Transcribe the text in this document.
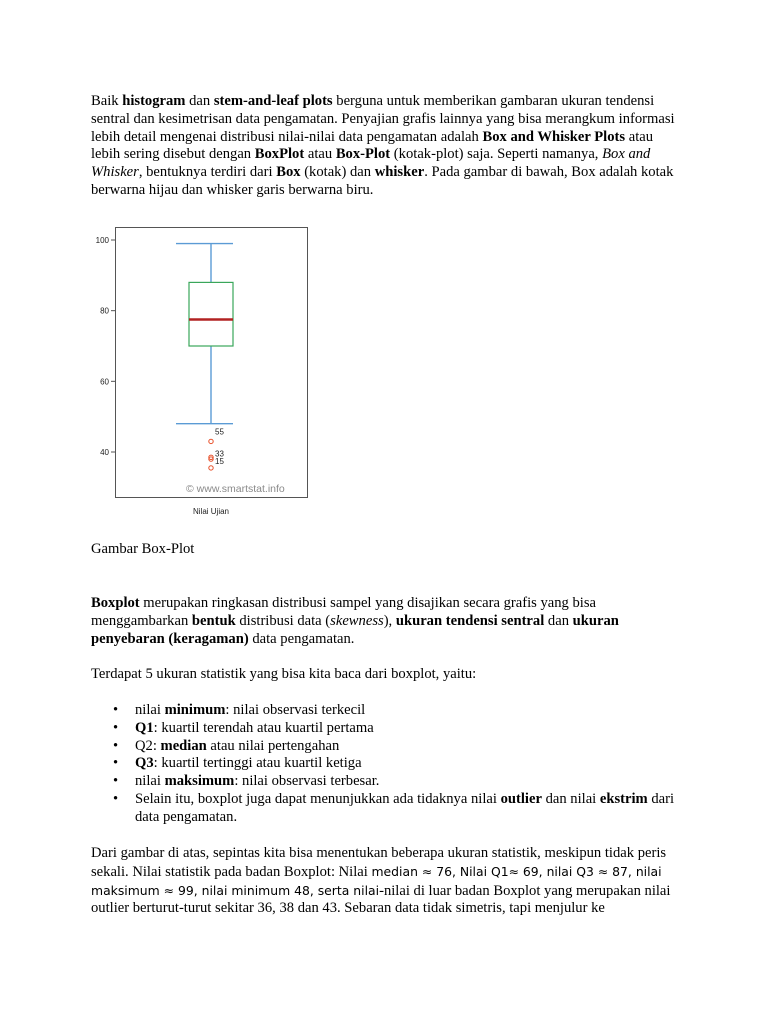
Baik histogram dan stem-and-leaf plots berguna untuk memberikan gambaran ukuran tendensi sentral dan kesimetrisan data pengamatan. Penyajian grafis lainnya yang bisa merangkum informasi lebih detail mengenai distribusi nilai-nilai data pengamatan adalah Box and Whisker Plots atau lebih sering disebut dengan BoxPlot atau Box-Plot (kotak-plot) saja. Seperti namanya, Box and Whisker, bentuknya terdiri dari Box (kotak) dan whisker. Pada gambar di bawah, Box adalah kotak berwarna hijau dan whisker garis berwarna biru.

40
60
80
100
55
33
15
© www.smartstat.info
Nilai Ujian

Gambar Box-Plot

Boxplot merupakan ringkasan distribusi sampel yang disajikan secara grafis yang bisa menggambarkan bentuk distribusi data (skewness), ukuran tendensi sentral dan ukuran penyebaran (keragaman) data pengamatan.

Terdapat 5 ukuran statistik yang bisa kita baca dari boxplot, yaitu:

• nilai minimum: nilai observasi terkecil
• Q1: kuartil terendah atau kuartil pertama
• Q2: median atau nilai pertengahan
• Q3: kuartil tertinggi atau kuartil ketiga
• nilai maksimum: nilai observasi terbesar.
• Selain itu, boxplot juga dapat menunjukkan ada tidaknya nilai outlier dan nilai ekstrim dari data pengamatan.

Dari gambar di atas, sepintas kita bisa menentukan beberapa ukuran statistik, meskipun tidak peris sekali. Nilai statistik pada badan Boxplot: Nilai median ≈ 76, Nilai Q1≈ 69, nilai Q3 ≈ 87, nilai maksimum ≈ 99, nilai minimum 48, serta nilai-nilai di luar badan Boxplot yang merupakan nilai outlier berturut-turut sekitar 36, 38 dan 43. Sebaran data tidak simetris, tapi menjulur ke
